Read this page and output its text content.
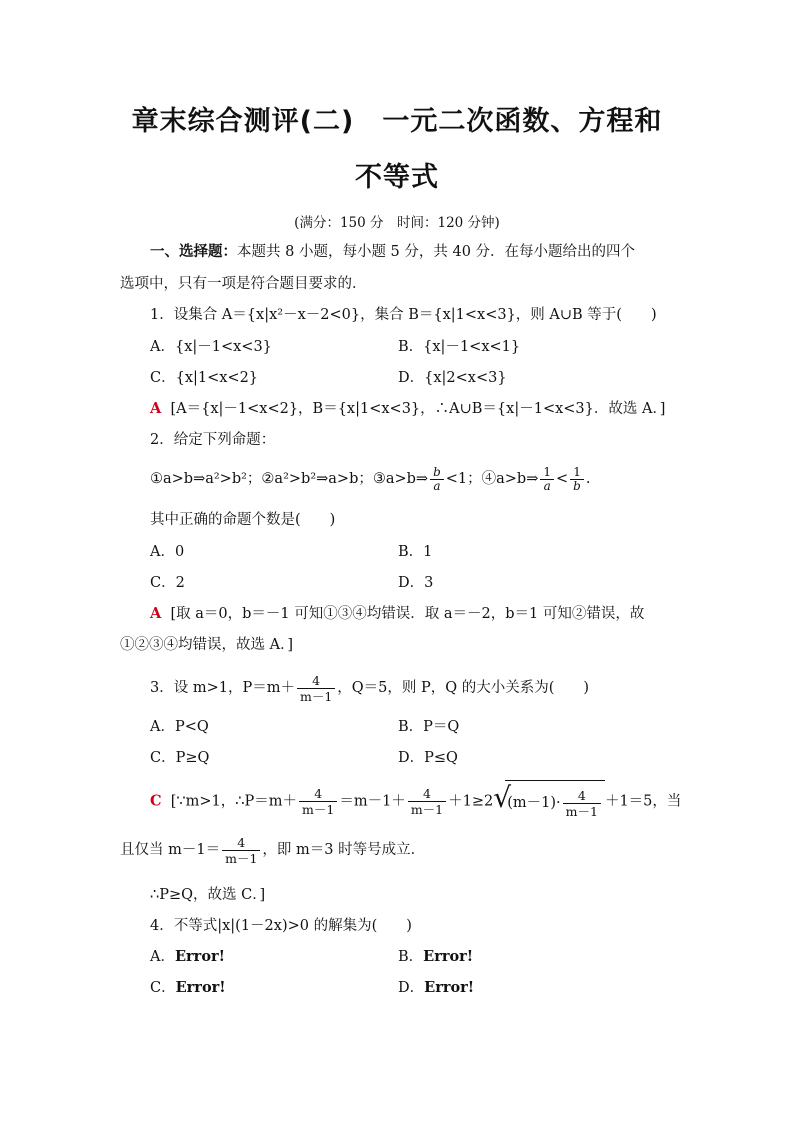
章末综合测评(二)　一元二次函数、方程和
不等式
(满分：150 分　时间：120 分钟)
一、选择题：本题共 8 小题，每小题 5 分，共 40 分．在每小题给出的四个
选项中，只有一项是符合题目要求的．
1．设集合 A＝{x|x²－x－2<0}，集合 B＝{x|1<x<3}，则 A∪B 等于(　　)
A．{x|－1<x<3}	B．{x|－1<x<1}
C．{x|1<x<2}	D．{x|2<x<3}
A [A＝{x|－1<x<2}，B＝{x|1<x<3}，∴A∪B＝{x|－1<x<3}．故选 A．]
2．给定下列命题：
①a>b⇒a²>b²；②a²>b²⇒a>b；③a>b⇒ $\frac{b}{a} <1$；④a>b⇒ $\frac{1}{a} < \frac{1}{b}$ .
其中正确的命题个数是(　　)
A．0	B．1
C．2	D．3
A [取 a＝0，b＝－1 可知①③④均错误．取 a＝－2，b＝1 可知②错误，故
①②③④均错误，故选 A．]
3．设 m>1，$P=m+ \frac{4}{m-1}$ ，Q＝5，则 P，Q 的大小关系为(　　)
A．P<Q	B．P＝Q
C．P≥Q	D．P≤Q
C [∵m>1，∴P＝m＋ $\frac{4}{m-1} =m-1+ \frac{4}{m-1} +1\ge 2$ √
$(m-1)\cdot \frac{4}{m-1} +1=5$，当
且仅当 $m-1= \frac{4}{m-1}$ ，即 m＝3 时等号成立．
∴P≥Q，故选 C．]
4．不等式|x|(1－2x)>0 的解集为(　　)
A．Error!	B．Error!
C．Error!	D．Error!
